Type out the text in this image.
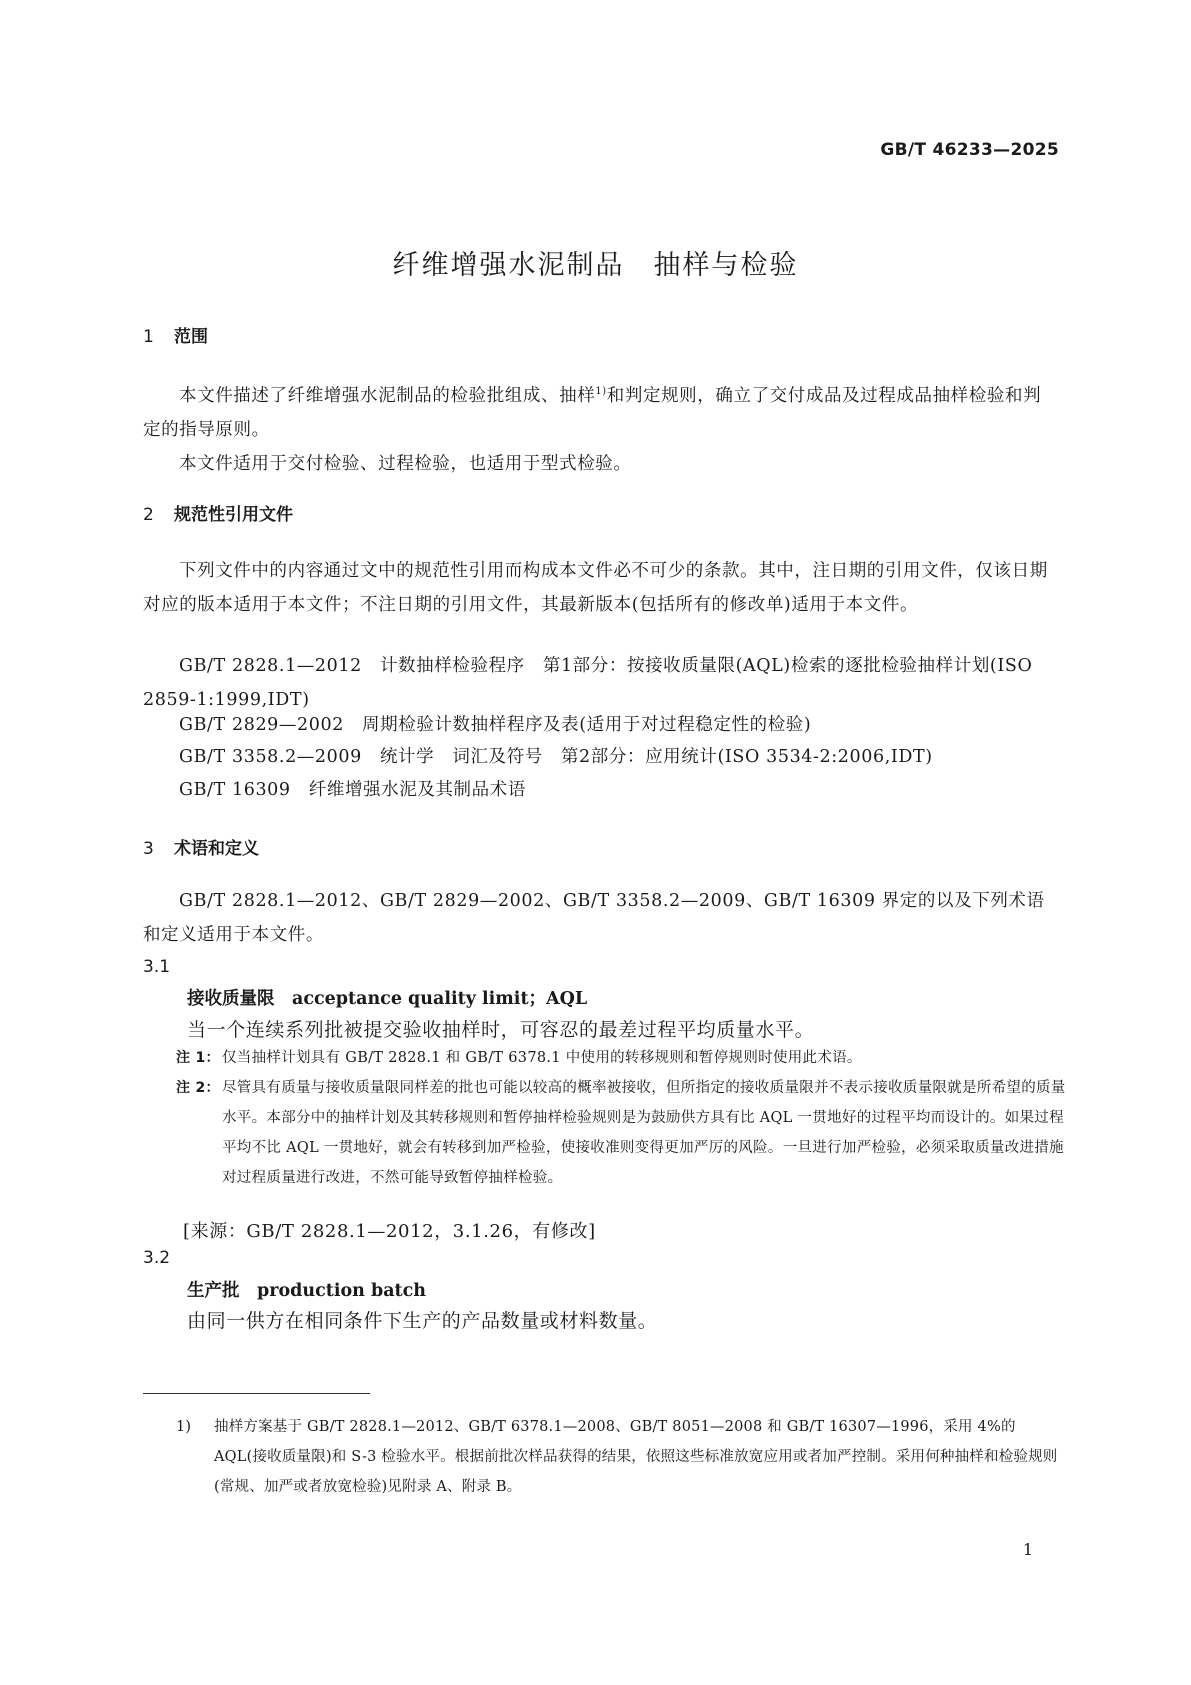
GB/T 46233—2025
纤维增强水泥制品　抽样与检验
1 范围

本文件描述了纤维增强水泥制品的检验批组成、抽样$^{1)}$和判定规则，确立了交付成品及过程成品抽样检验和判定的指导原则。

本文件适用于交付检验、过程检验，也适用于型式检验。

2 规范性引用文件

下列文件中的内容通过文中的规范性引用而构成本文件必不可少的条款。其中，注日期的引用文件，仅该日期对应的版本适用于本文件；不注日期的引用文件，其最新版本(包括所有的修改单)适用于本文件。

GB/T 2828.1—2012　计数抽样检验程序　第1部分：按接收质量限(AQL)检索的逐批检验抽样计划(ISO 2859-1:1999,IDT)
GB/T 2829—2002　周期检验计数抽样程序及表(适用于对过程稳定性的检验)
GB/T 3358.2—2009　统计学　词汇及符号　第2部分：应用统计(ISO 3534-2:2006,IDT)
GB/T 16309　纤维增强水泥及其制品术语
3 术语和定义

GB/T 2828.1—2012、GB/T 2829—2002、GB/T 3358.2—2009、GB/T 16309 界定的以及下列术语和定义适用于本文件。

3.1
接收质量限　acceptance quality limit；AQL
当一个连续系列批被提交验收抽样时，可容忍的最差过程平均质量水平。
注 1： 仅当抽样计划具有 GB/T 2828.1 和 GB/T 6378.1 中使用的转移规则和暂停规则时使用此术语。
注 2： 尽管具有质量与接收质量限同样差的批也可能以较高的概率被接收，但所指定的接收质量限并不表示接收质量限就是所希望的质量水平。本部分中的抽样计划及其转移规则和暂停抽样检验规则是为鼓励供方具有比 AQL 一贯地好的过程平均而设计的。如果过程平均不比 AQL 一贯地好，就会有转移到加严检验，使接收准则变得更加严厉的风险。一旦进行加严检验，必须采取质量改进措施对过程质量进行改进，不然可能导致暂停抽样检验。
[来源：GB/T 2828.1—2012，3.1.26，有修改]
3.2
生产批　production batch
由同一供方在相同条件下生产的产品数量或材料数量。
1) 抽样方案基于 GB/T 2828.1—2012、GB/T 6378.1—2008、GB/T 8051—2008 和 GB/T 16307—1996，采用 4%的 AQL(接收质量限)和 S-3 检验水平。根据前批次样品获得的结果，依照这些标准放宽应用或者加严控制。采用何种抽样和检验规则(常规、加严或者放宽检验)见附录 A、附录 B。
1
